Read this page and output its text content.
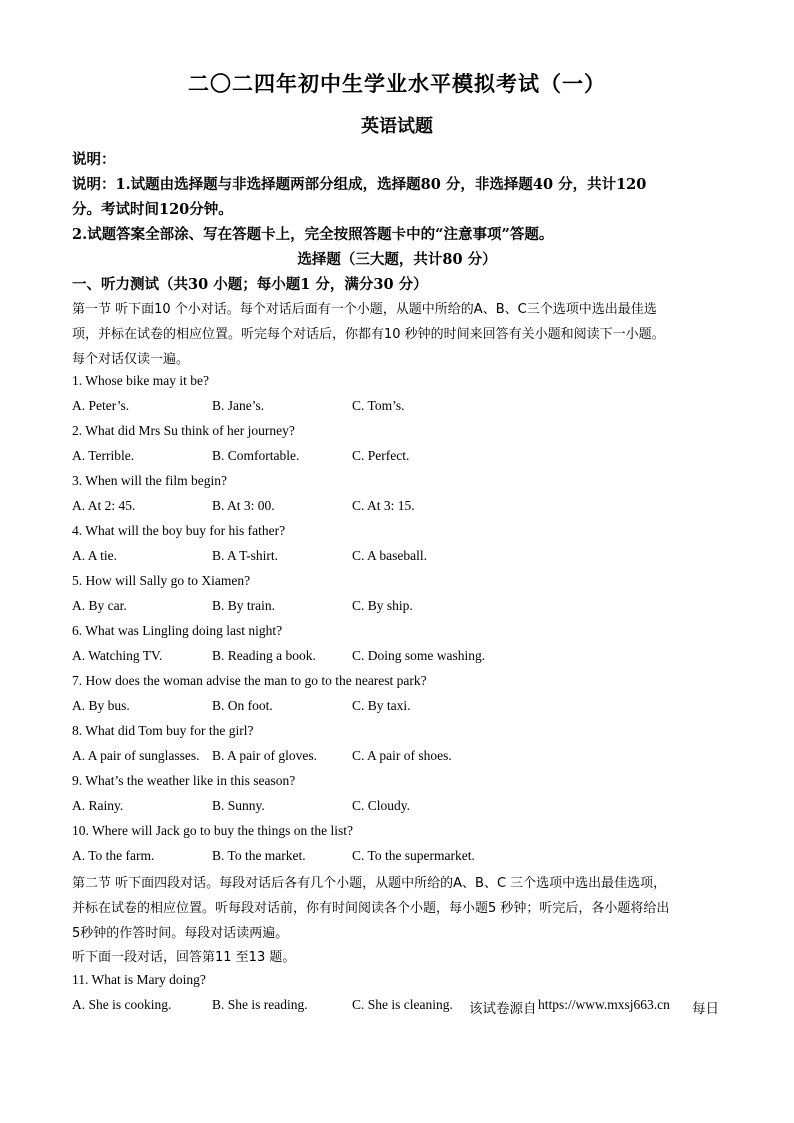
二〇二四年初中生学业水平模拟考试（一）
英语试题
说明：
说明：1.试题由选择题与非选择题两部分组成，选择题80 分，非选择题40 分，共计120
分。考试时间120分钟。
2.试题答案全部涂、写在答题卡上，完全按照答题卡中的“注意事项”答题。
选择题（三大题，共计80 分）
一、听力测试（共30 小题；每小题1 分，满分30 分）
第一节 听下面10 个小对话。每个对话后面有一个小题，从题中所给的A、B、C三个选项中选出最佳选
项，并标在试卷的相应位置。听完每个对话后，你都有10 秒钟的时间来回答有关小题和阅读下一小题。
每个对话仅读一遍。
1. Whose bike may it be?
A. Peter’s.	B. Jane’s.	C. Tom’s.
2. What did Mrs Su think of her journey?
A. Terrible.	B. Comfortable.	C. Perfect.
3. When will the film begin?
A. At 2: 45.	B. At 3: 00.	C. At 3: 15.
4. What will the boy buy for his father?
A. A tie.	B. A T-shirt.	C. A baseball.
5. How will Sally go to Xiamen?
A. By car.	B. By train.	C. By ship.
6. What was Lingling doing last night?
A. Watching TV.	B. Reading a book.	C. Doing some washing.
7. How does the woman advise the man to go to the nearest park?
A. By bus.	B. On foot.	C. By taxi.
8. What did Tom buy for the girl?
A. A pair of sunglasses. B. A pair of gloves.	C. A pair of shoes.
9. What’s the weather like in this season?
A. Rainy.	B. Sunny.	C. Cloudy.
10. Where will Jack go to buy the things on the list?
A. To the farm.	B. To the market.	C. To the supermarket.
第二节 听下面四段对话。每段对话后各有几个小题，从题中所给的A、B、C 三个选项中选出最佳选项，
并标在试卷的相应位置。听每段对话前，你有时间阅读各个小题，每小题5 秒钟；听完后，各小题将给出
5秒钟的作答时间。每段对话读两遍。
听下面一段对话，回答第11 至13 题。
11. What is Mary doing?
A. She is cooking.	B. She is reading.	C. She is cleaning. 该试卷源自 https://www.mxsj663.cn 每日
